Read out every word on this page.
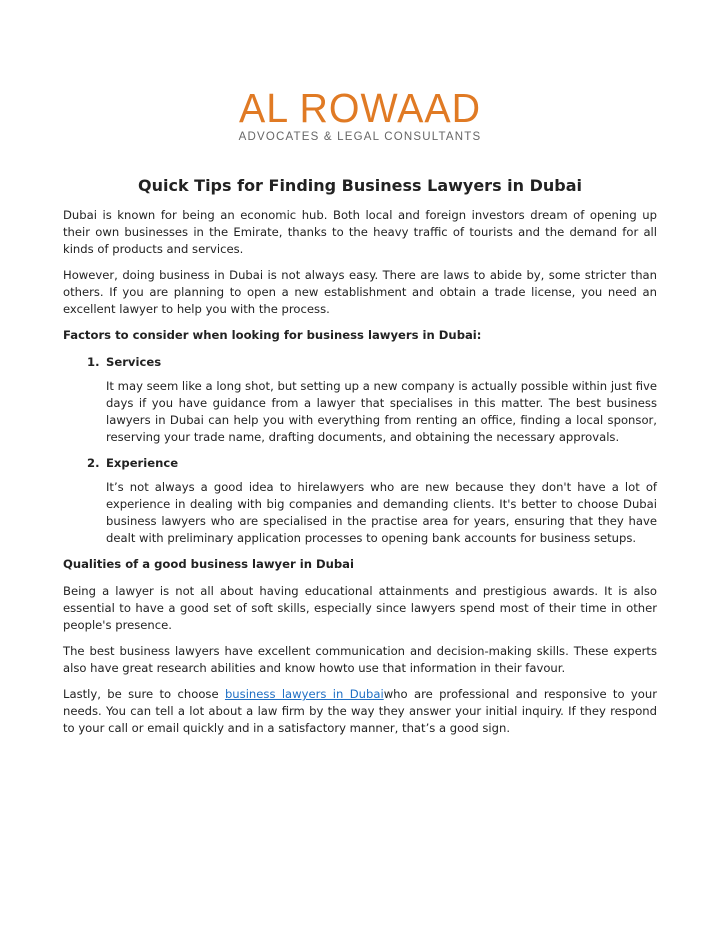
AL ROWAAD
ADVOCATES & LEGAL CONSULTANTS
Quick Tips for Finding Business Lawyers in Dubai

Dubai is known for being an economic hub. Both local and foreign investors dream of opening up their own businesses in the Emirate, thanks to the heavy traffic of tourists and the demand for all kinds of products and services.

However, doing business in Dubai is not always easy. There are laws to abide by, some stricter than others. If you are planning to open a new establishment and obtain a trade license, you need an excellent lawyer to help you with the process.

Factors to consider when looking for business lawyers in Dubai:

1. Services

It may seem like a long shot, but setting up a new company is actually possible within just five days if you have guidance from a lawyer that specialises in this matter. The best business lawyers in Dubai can help you with everything from renting an office, finding a local sponsor, reserving your trade name, drafting documents, and obtaining the necessary approvals.

2. Experience

It’s not always a good idea to hirelawyers who are new because they don't have a lot of experience in dealing with big companies and demanding clients. It's better to choose Dubai business lawyers who are specialised in the practise area for years, ensuring that they have dealt with preliminary application processes to opening bank accounts for business setups.

Qualities of a good business lawyer in Dubai

Being a lawyer is not all about having educational attainments and prestigious awards. It is also essential to have a good set of soft skills, especially since lawyers spend most of their time in other people's presence.

The best business lawyers have excellent communication and decision-making skills. These experts also have great research abilities and know howto use that information in their favour.

Lastly, be sure to choose business lawyers in Dubaiwho are professional and responsive to your needs. You can tell a lot about a law firm by the way they answer your initial inquiry. If they respond to your call or email quickly and in a satisfactory manner, that’s a good sign.
